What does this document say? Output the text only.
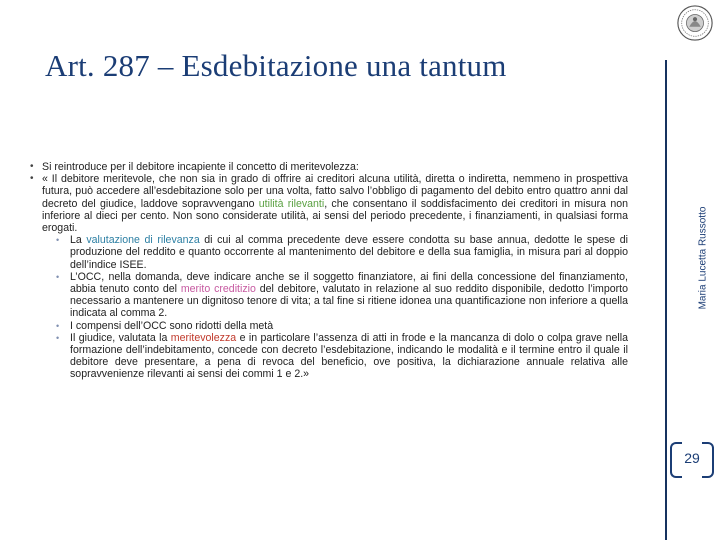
Art. 287 – Esdebitazione una tantum
Maria Lucetta Russotto
29

• Si reintroduce per il debitore incapiente il concetto di meritevolezza:

• « Il debitore meritevole, che non sia in grado di offrire ai creditori alcuna utilità, diretta o indiretta, nemmeno in prospettiva futura, può accedere all’esdebitazione solo per una volta, fatto salvo l’obbligo di pagamento del debito entro quattro anni dal decreto del giudice, laddove sopravvengano utilità rilevanti, che consentano il soddisfacimento dei creditori in misura non inferiore al dieci per cento. Non sono considerate utilità, ai sensi del periodo precedente, i finanziamenti, in qualsiasi forma erogati.

• La valutazione di rilevanza di cui al comma precedente deve essere condotta su base annua, dedotte le spese di produzione del reddito e quanto occorrente al mantenimento del debitore e della sua famiglia, in misura pari al doppio dell’indice ISEE.

• L’OCC, nella domanda, deve indicare anche se il soggetto finanziatore, ai fini della concessione del finanziamento, abbia tenuto conto del merito creditizio del debitore, valutato in relazione al suo reddito disponibile, dedotto l’importo necessario a mantenere un dignitoso tenore di vita; a tal fine si ritiene idonea una quantificazione non inferiore a quella indicata al comma 2.

• I compensi dell’OCC sono ridotti della metà

• Il giudice, valutata la meritevolezza e in particolare l’assenza di atti in frode e la mancanza di dolo o colpa grave nella formazione dell’indebitamento, concede con decreto l’esdebitazione, indicando le modalità e il termine entro il quale il debitore deve presentare, a pena di revoca del beneficio, ove positiva, la dichiarazione annuale relativa alle sopravvenienze rilevanti ai sensi dei commi 1 e 2.»
